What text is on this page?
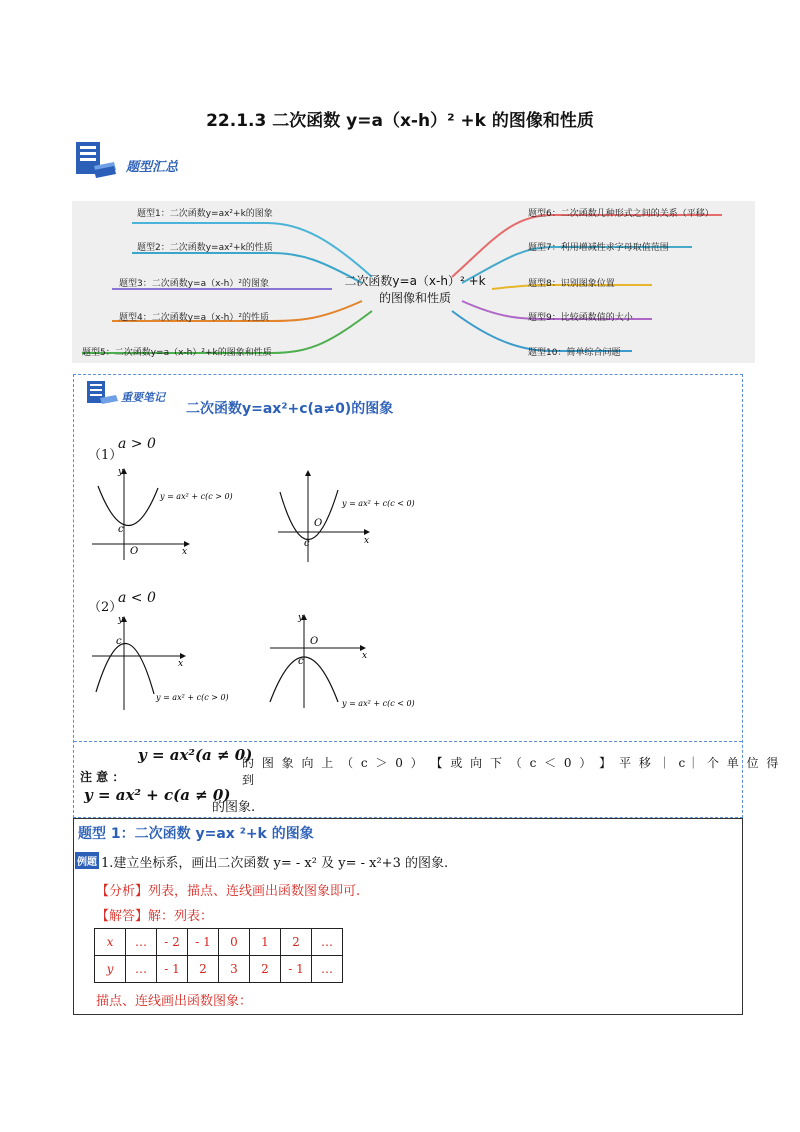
22.1.3 二次函数 y=a（x-h）² +k 的图像和性质
题型汇总
二次函数y=a（x-h）² +k
的图像和性质
题型1：二次函数y=ax²+k的图象
题型2：二次函数y=ax²+k的性质
题型3：二次函数y=a（x-h）²的图象
题型4：二次函数y=a（x-h）²的性质
题型5：二次函数y=a（x-h）²+k的图象和性质
题型6：二次函数几种形式之间的关系（平移）
题型7：利用增减性求字母取值范围
题型8：识别图象位置
题型9：比较函数值的大小
题型10：简单综合问题
重要笔记
二次函数y=ax²+c(a≠0)的图象
（1）
a > 0
（2）
a < 0
y
x
O
c
y = ax² + c(c > 0)
O
x
c
y = ax² + c(c < 0)
y
c
x
y = ax² + c(c > 0)
y
O
c	x
y = ax² + c(c < 0)
y = ax²(a ≠ 0)
的 图 象 向 上 （ c ＞ 0 ） 【 或 向 下 （ c ＜ 0 ） 】 平 移 ｜ c｜ 个 单 位 得 到
注 意 ：
y = ax² + c(a ≠ 0)
的图象.
题型 1：二次函数 y=ax ²+k 的图象
例题 1.建立坐标系，画出二次函数 y= - x² 及 y= - x²+3 的图象.
【分析】列表，描点、连线画出函数图象即可.
【解答】解：列表：
x	…	- 2	- 1	0	1	2	…
y	…	- 1	2	3	2	- 1	…
描点、连线画出函数图象：
